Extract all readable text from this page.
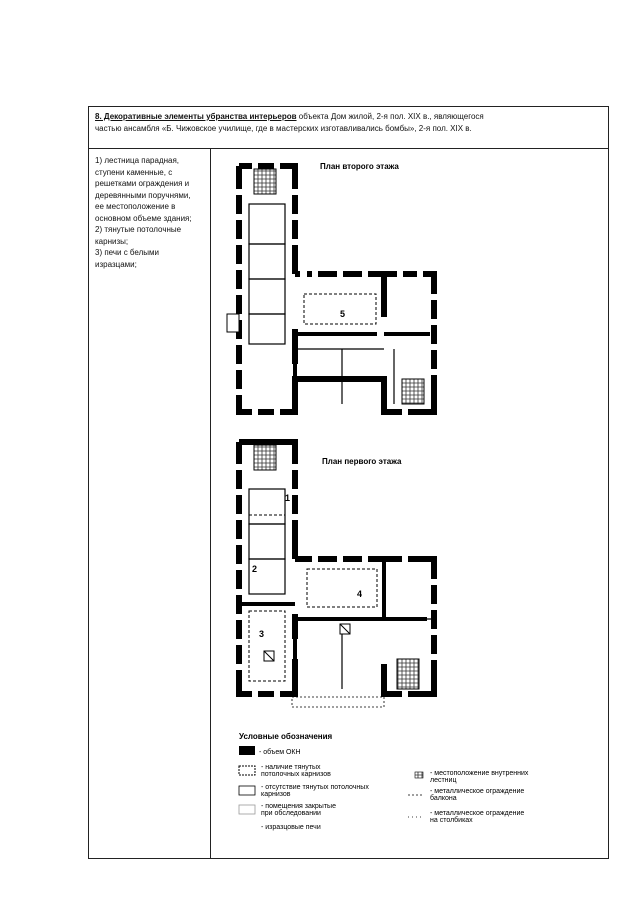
8. Декоративные элементы убранства интерьеров объекта Дом жилой, 2-я пол. XIX в., являющегося
частью ансамбля «Б. Чижовское училище, где в мастерских изготавливались бомбы», 2-я пол. XIX в.
1) лестница парадная,
ступени каменные, с
решетками ограждения и
деревянными поручнями,
ее местоположение в
основном объеме здания;
2) тянутые потолочные
карнизы;
3) печи с белыми
изразцами;
План второго этажа
5
План первого этажа
1
2
4
3
Условные обозначения
- объем ОКН
- наличие тянутых
потолочных карнизов
- отсутствие тянутых потолочных
карнизов
- помещения закрытые
при обследовании
- изразцовые печи
- местоположение внутренних
лестниц
- металлическое ограждение
балкона
- металлическое ограждение
на столбиках
